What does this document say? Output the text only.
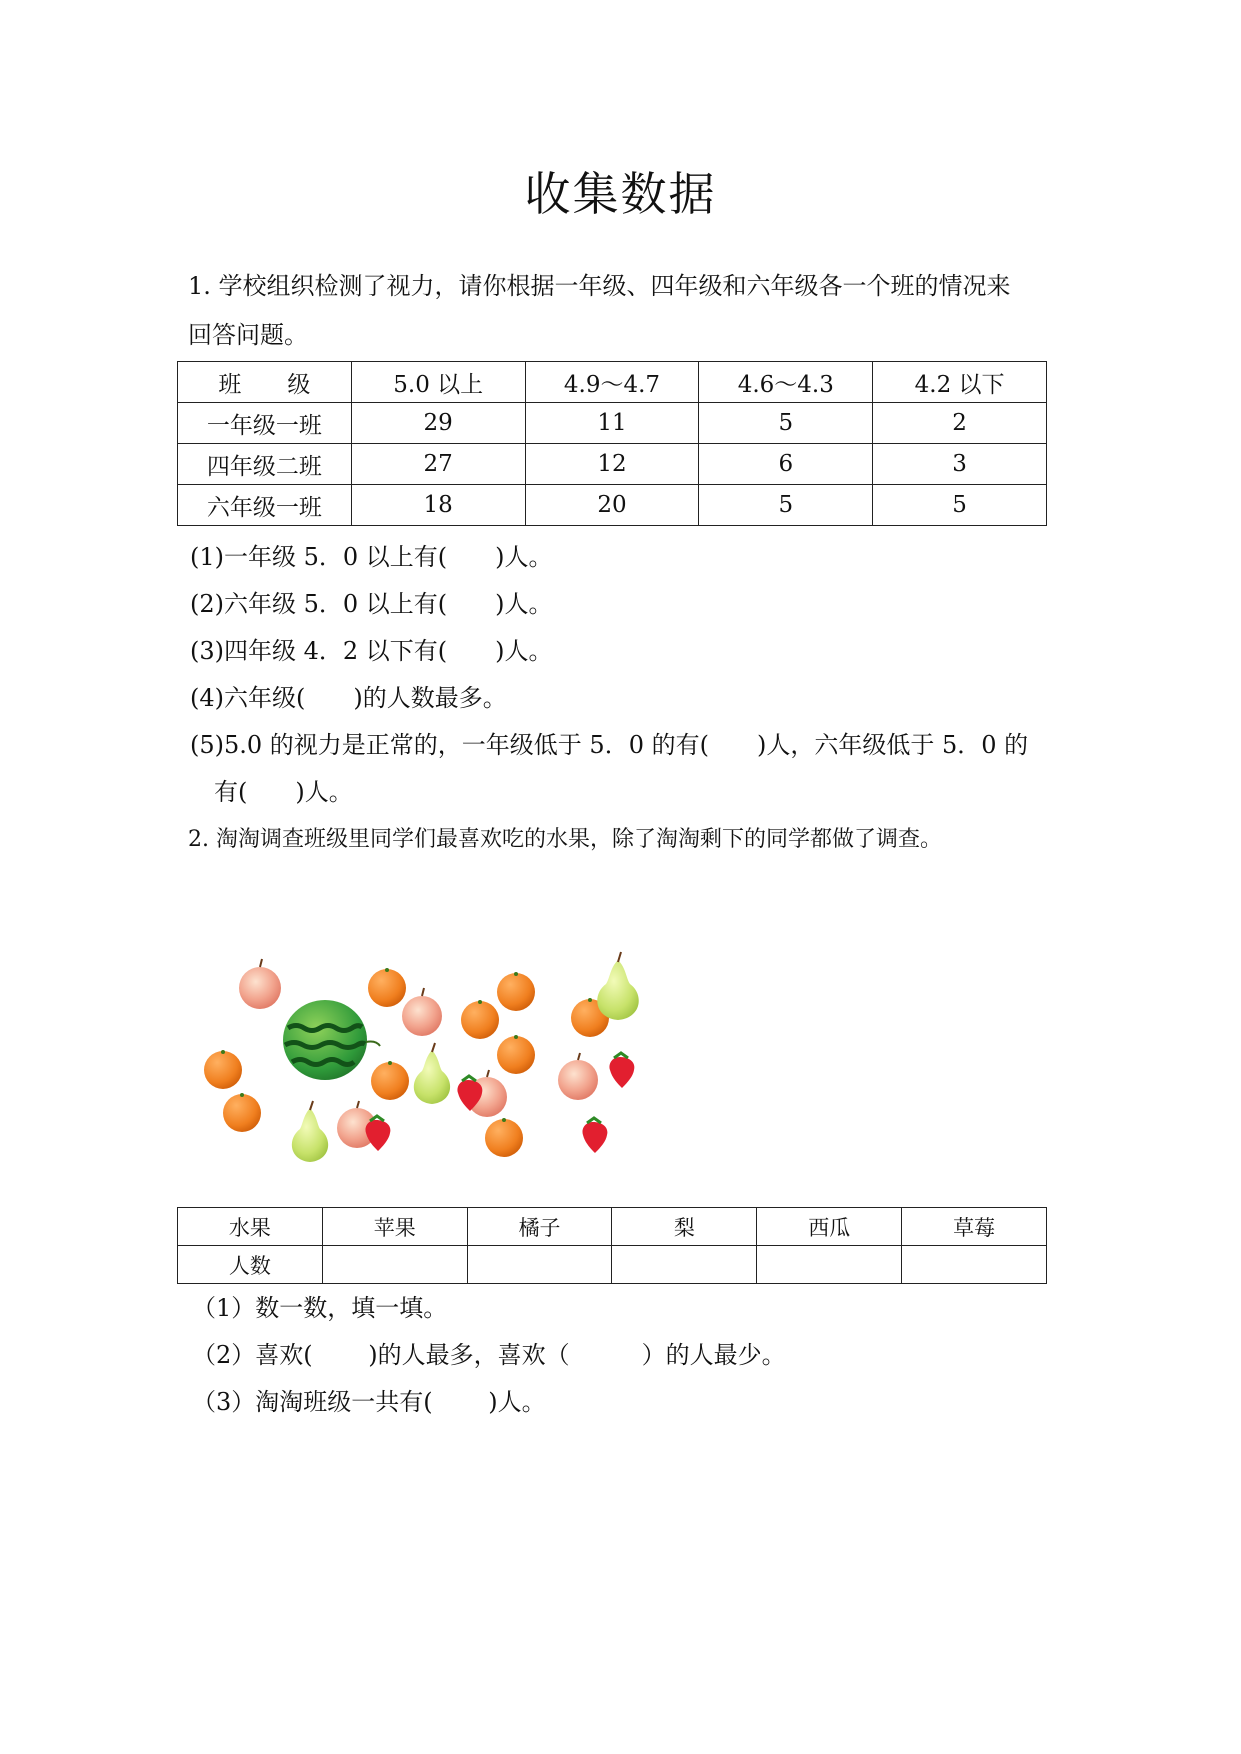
收集数据
1. 学校组织检测了视力，请你根据一年级、四年级和六年级各一个班的情况来
回答问题。
班　　级	5.0 以上	4.9～4.7	4.6～4.3	4.2 以下
一年级一班	29	11	5	2
四年级二班	27	12	6	3
六年级一班	18	20	5	5
(1)一年级 5．0 以上有(　　)人。
(2)六年级 5．0 以上有(　　)人。
(3)四年级 4．2 以下有(　　)人。
(4)六年级(　　)的人数最多。
(5)5.0 的视力是正常的，一年级低于 5．0 的有(　　)人，六年级低于 5．0 的
有(　　)人。
2. 淘淘调查班级里同学们最喜欢吃的水果，除了淘淘剩下的同学都做了调查。
水果	苹果	橘子	梨	西瓜	草莓
人数					
（1）数一数，填一填。
（2）喜欢(　　 )的人最多，喜欢（　　　）的人最少。
（3）淘淘班级一共有(　　 )人。
